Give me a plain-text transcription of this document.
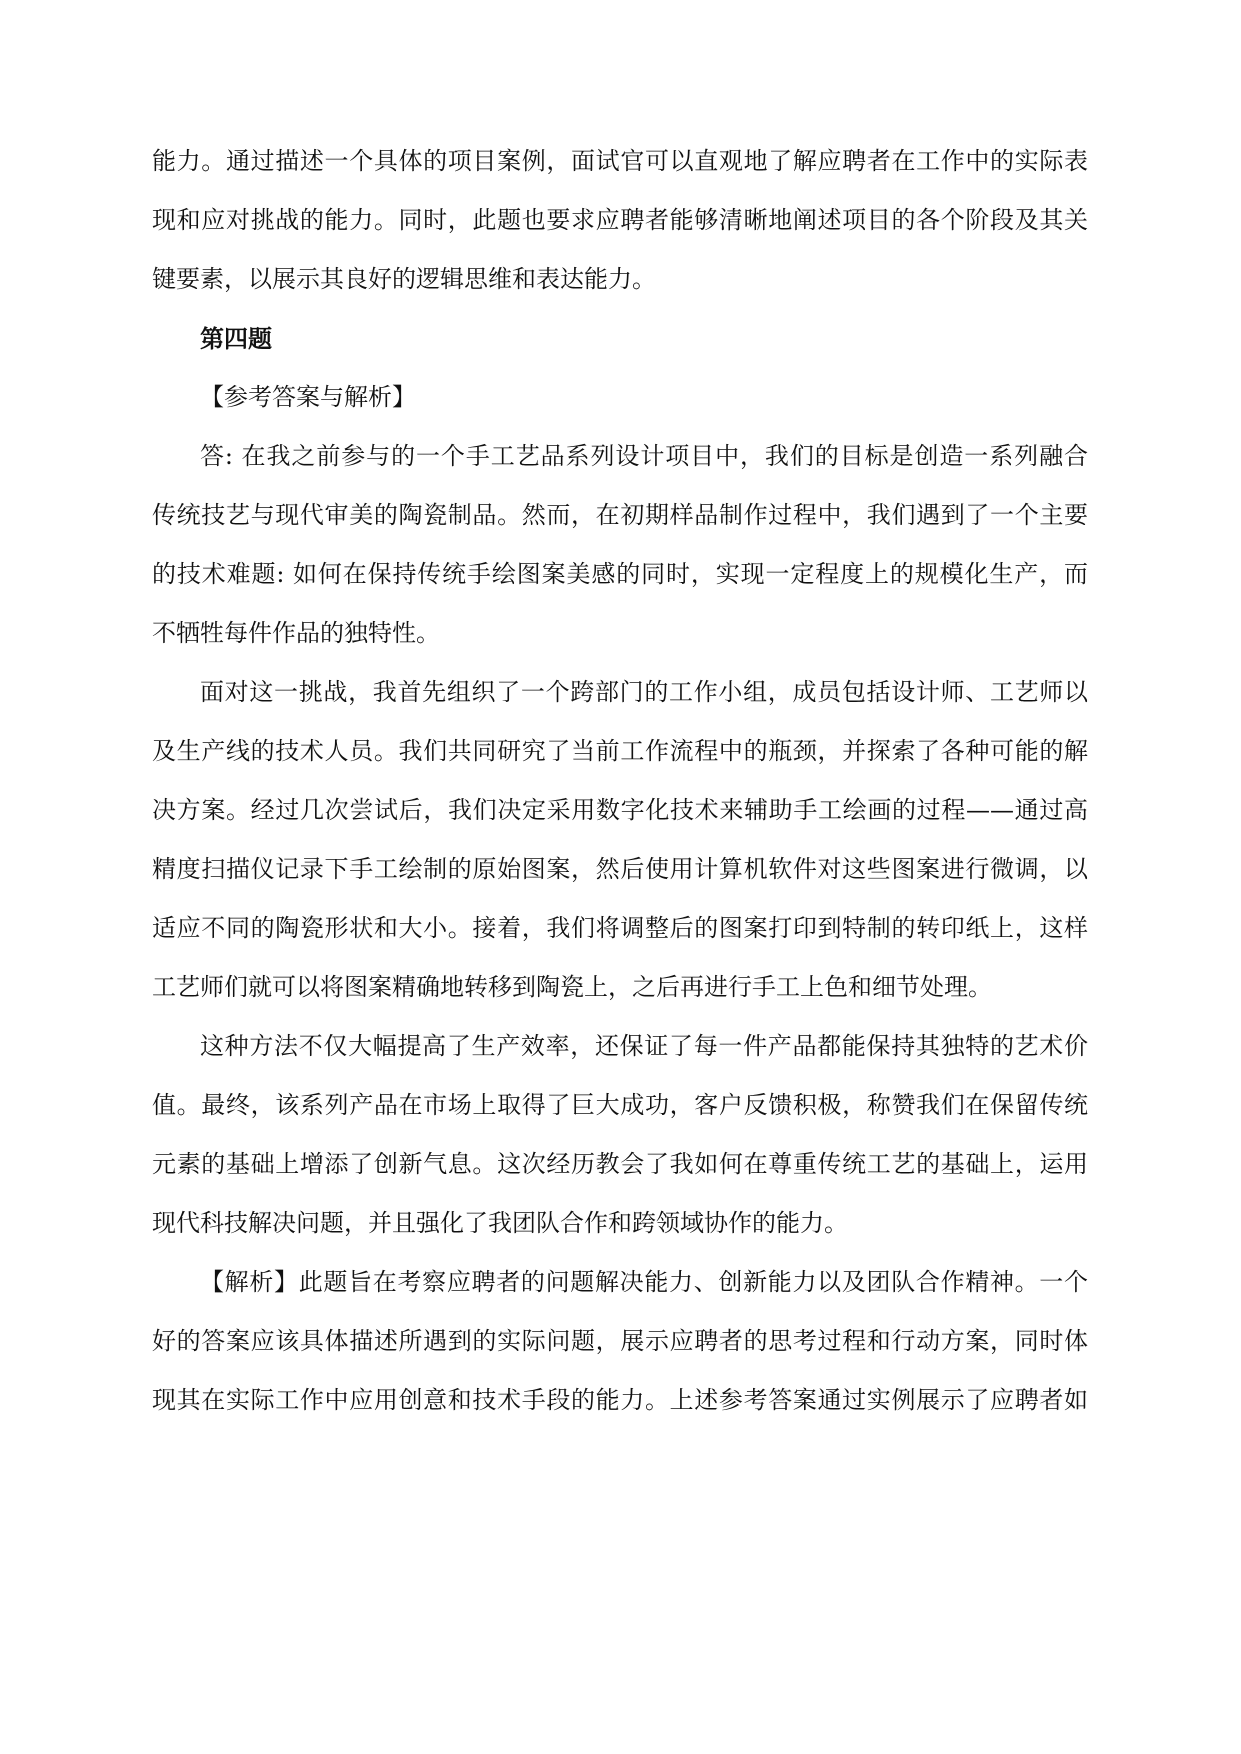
能力。通过描述一个具体的项目案例，面试官可以直观地了解应聘者在工作中的实际表
现和应对挑战的能力。同时，此题也要求应聘者能够清晰地阐述项目的各个阶段及其关
键要素，以展示其良好的逻辑思维和表达能力。
第四题
【参考答案与解析】
答: 在我之前参与的一个手工艺品系列设计项目中，我们的目标是创造一系列融合
传统技艺与现代审美的陶瓷制品。然而，在初期样品制作过程中，我们遇到了一个主要
的技术难题: 如何在保持传统手绘图案美感的同时，实现一定程度上的规模化生产，而
不牺牲每件作品的独特性。
面对这一挑战，我首先组织了一个跨部门的工作小组，成员包括设计师、工艺师以
及生产线的技术人员。我们共同研究了当前工作流程中的瓶颈，并探索了各种可能的解
决方案。经过几次尝试后，我们决定采用数字化技术来辅助手工绘画的过程——通过高
精度扫描仪记录下手工绘制的原始图案，然后使用计算机软件对这些图案进行微调，以
适应不同的陶瓷形状和大小。接着，我们将调整后的图案打印到特制的转印纸上，这样
工艺师们就可以将图案精确地转移到陶瓷上，之后再进行手工上色和细节处理。
这种方法不仅大幅提高了生产效率，还保证了每一件产品都能保持其独特的艺术价
值。最终，该系列产品在市场上取得了巨大成功，客户反馈积极，称赞我们在保留传统
元素的基础上增添了创新气息。这次经历教会了我如何在尊重传统工艺的基础上，运用
现代科技解决问题，并且强化了我团队合作和跨领域协作的能力。
【解析】此题旨在考察应聘者的问题解决能力、创新能力以及团队合作精神。一个
好的答案应该具体描述所遇到的实际问题，展示应聘者的思考过程和行动方案，同时体
现其在实际工作中应用创意和技术手段的能力。上述参考答案通过实例展示了应聘者如
